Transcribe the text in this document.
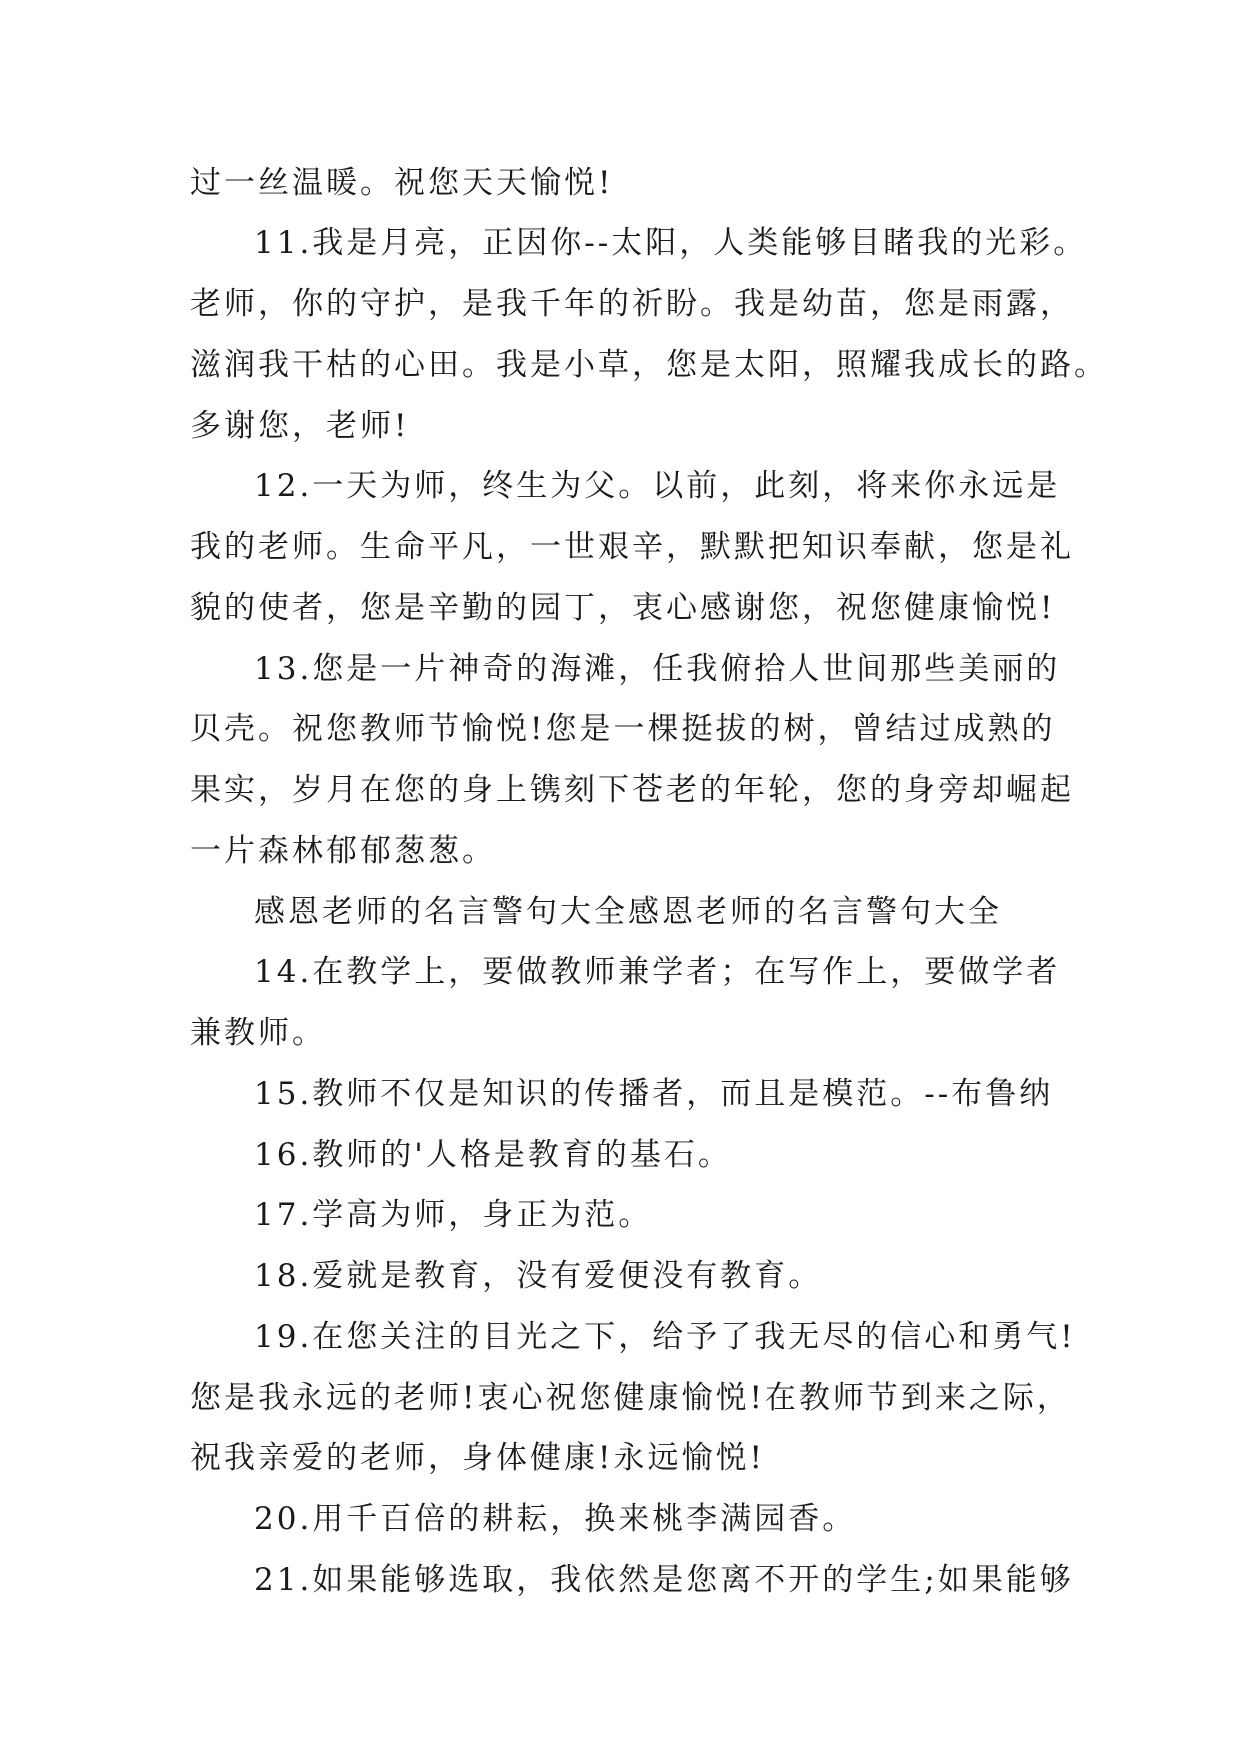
过一丝温暖。祝您天天愉悦!
11.我是月亮，正因你--太阳，人类能够目睹我的光彩。
老师，你的守护，是我千年的祈盼。我是幼苗，您是雨露，
滋润我干枯的心田。我是小草，您是太阳，照耀我成长的路。
多谢您，老师!
12.一天为师，终生为父。以前，此刻，将来你永远是
我的老师。生命平凡，一世艰辛，默默把知识奉献，您是礼
貌的使者，您是辛勤的园丁，衷心感谢您，祝您健康愉悦!
13.您是一片神奇的海滩，任我俯拾人世间那些美丽的
贝壳。祝您教师节愉悦!您是一棵挺拔的树，曾结过成熟的
果实，岁月在您的身上镌刻下苍老的年轮，您的身旁却崛起
一片森林郁郁葱葱。
感恩老师的名言警句大全感恩老师的名言警句大全
14.在教学上，要做教师兼学者；在写作上，要做学者
兼教师。
15.教师不仅是知识的传播者，而且是模范。--布鲁纳
16.教师的'人格是教育的基石。
17.学高为师，身正为范。
18.爱就是教育，没有爱便没有教育。
19.在您关注的目光之下，给予了我无尽的信心和勇气!
您是我永远的老师!衷心祝您健康愉悦!在教师节到来之际，
祝我亲爱的老师，身体健康!永远愉悦!
20.用千百倍的耕耘，换来桃李满园香。
21.如果能够选取，我依然是您离不开的学生;如果能够
